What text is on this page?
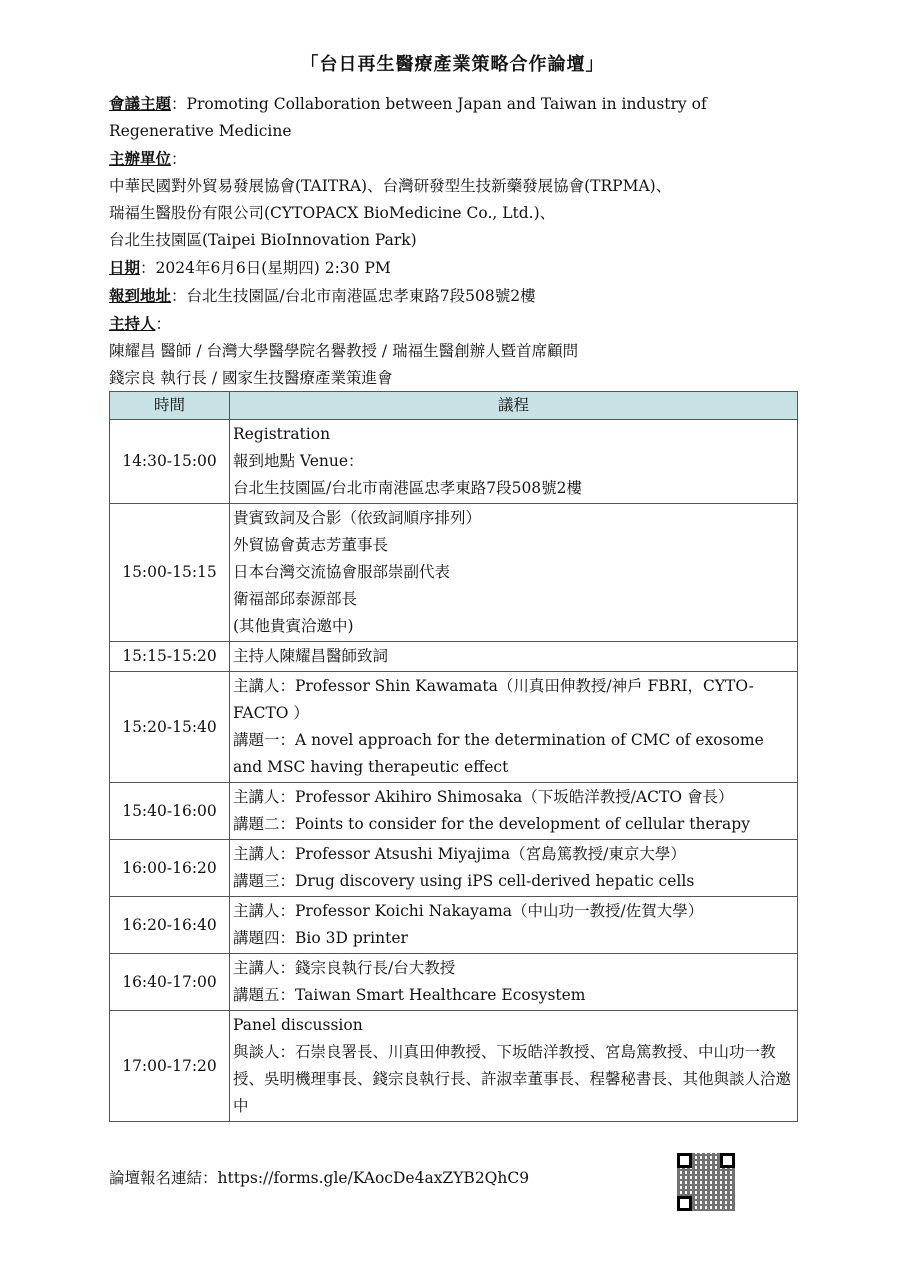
「台日再生醫療產業策略合作論壇」

會議主題：Promoting Collaboration between Japan and Taiwan in industry of Regenerative Medicine

主辦單位：

中華民國對外貿易發展協會(TAITRA)、台灣研發型生技新藥發展協會(TRPMA)、

瑞福生醫股份有限公司(CYTOPACX BioMedicine Co., Ltd.)、

台北生技園區(Taipei BioInnovation Park)

日期：2024年6月6日(星期四) 2:30 PM

報到地址：台北生技園區/台北市南港區忠孝東路7段508號2樓

主持人：

陳耀昌 醫師 / 台灣大學醫學院名譽教授 / 瑞福生醫創辦人暨首席顧問

錢宗良 執行長 / 國家生技醫療產業策進會

時間	議程
14:30-15:00	Registration
報到地點 Venue：
台北生技園區/台北市南港區忠孝東路7段508號2樓

15:00-15:15	貴賓致詞及合影（依致詞順序排列）
外貿協會黃志芳董事長
日本台灣交流協會服部崇副代表
衛福部邱泰源部長
(其他貴賓洽邀中)

15:15-15:20	主持人陳耀昌醫師致詞

15:20-15:40	主講人：Professor Shin Kawamata（川真田伸教授/神戶 FBRI，CYTO-FACTO ）
講題一：A novel approach for the determination of CMC of exosome and MSC having therapeutic effect

15:40-16:00	主講人：Professor Akihiro Shimosaka（下坂皓洋教授/ACTO 會長）
講題二：Points to consider for the development of cellular therapy

16:00-16:20	主講人：Professor Atsushi Miyajima（宮島篤教授/東京大學）
講題三：Drug discovery using iPS cell-derived hepatic cells

16:20-16:40	主講人：Professor Koichi Nakayama（中山功一教授/佐賀大學）
講題四：Bio 3D printer

16:40-17:00	主講人：錢宗良執行長/台大教授
講題五：Taiwan Smart Healthcare Ecosystem

17:00-17:20	Panel discussion
與談人：石崇良署長、川真田伸教授、下坂皓洋教授、宮島篤教授、中山功一教授、吳明機理事長、錢宗良執行長、許淑幸董事長、程馨秘書長、其他與談人洽邀中
論壇報名連結：https://forms.gle/KAocDe4axZYB2QhC9
